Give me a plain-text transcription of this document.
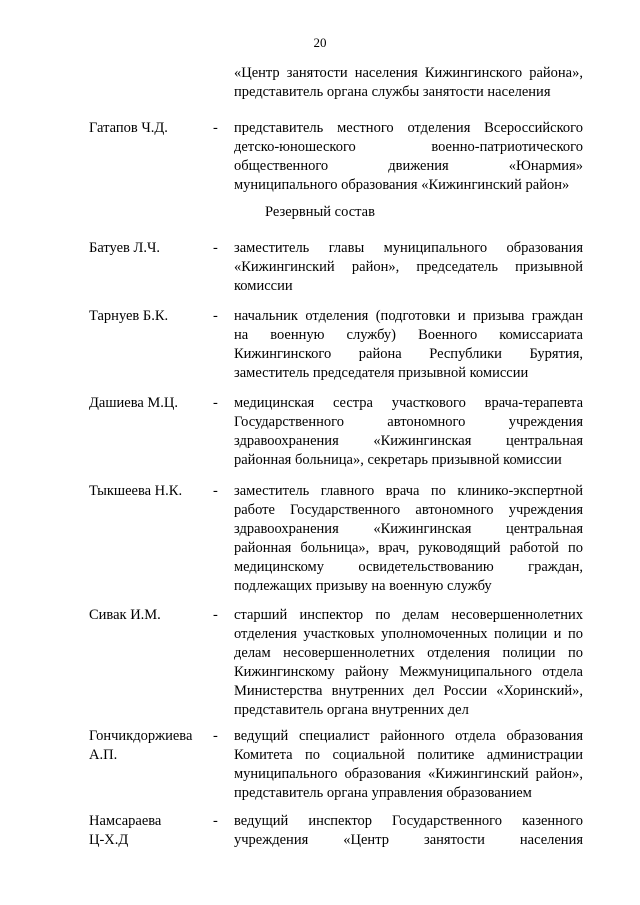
20
«Центр занятости населения Кижингинского района»,
представитель органа службы занятости населения
Гатапов Ч.Д.	- представитель местного отделения Всероссийского
детско-юношеского военно-патриотического
общественного движения «Юнармия»
муниципального образования «Кижингинский район»
Резервный состав
Батуев Л.Ч.	- заместитель главы муниципального образования
«Кижингинский район», председатель призывной
комиссии
Тарнуев Б.К.	- начальник отделения (подготовки и призыва граждан
на военную службу) Военного комиссариата
Кижингинского района Республики Бурятия,
заместитель председателя призывной комиссии
Дашиева М.Ц. - медицинская сестра участкового врача-терапевта
Государственного автономного учреждения
здравоохранения «Кижингинская центральная
районная больница», секретарь призывной комиссии
Тыкшеева Н.К. - заместитель главного врача по клинико-экспертной
работе Государственного автономного учреждения
здравоохранения «Кижингинская центральная
районная больница», врач, руководящий работой по
медицинскому освидетельствованию граждан,
подлежащих призыву на военную службу
Сивак И.М.	- старший инспектор по делам несовершеннолетних
отделения участковых уполномоченных полиции и по
делам несовершеннолетних отделения полиции по
Кижингинскому району Межмуниципального отдела
Министерства внутренних дел России «Хоринский»,
представитель органа внутренних дел
Гончикдоржиева
А.П.
- ведущий специалист районного отдела образования
Комитета по социальной политике администрации
муниципального образования «Кижингинский район»,
представитель органа управления образованием
Намсараева
Ц-Х.Д
- ведущий инспектор Государственного казенного
учреждения «Центр занятости населения
